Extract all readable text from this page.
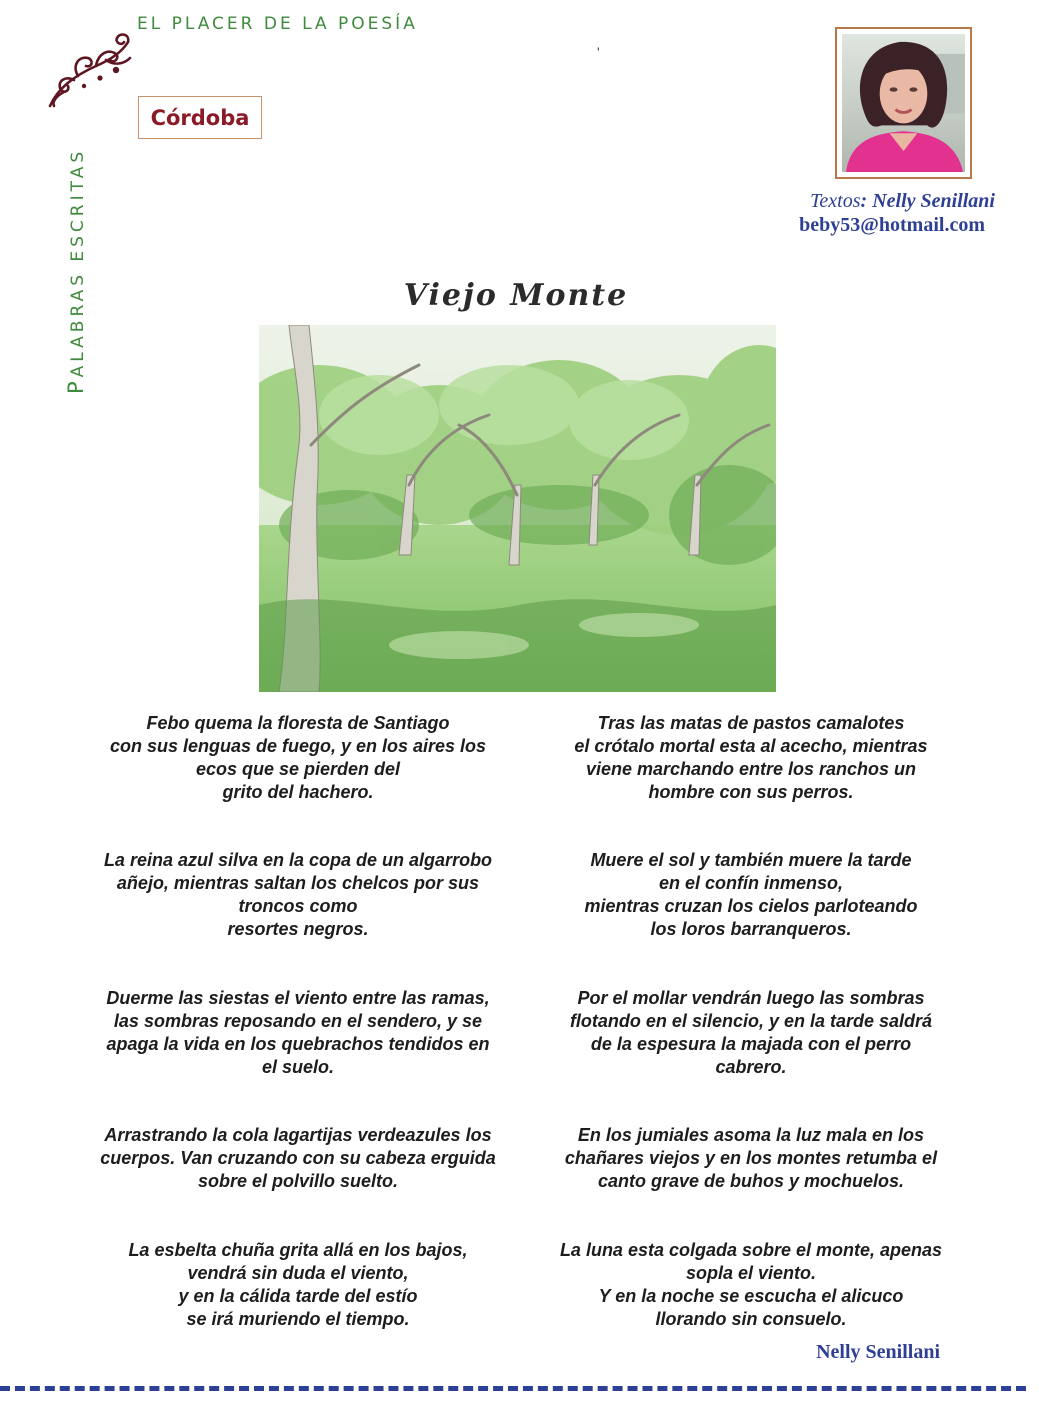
EL PLACER DE LA POESÍA
PALABRAS ESCRITAS
'
Córdoba
Textos: Nelly Senillani
beby53@hotmail.com
Viejo Monte
Febo quema la floresta de Santiago
con sus lenguas de fuego, y en los aires los
ecos que se pierden del
grito del hachero.
La reina azul silva en la copa de un algarrobo
añejo, mientras saltan los chelcos por sus
troncos como
resortes negros.
Duerme las siestas el viento entre las ramas,
las sombras reposando en el sendero, y se
apaga la vida en los quebrachos tendidos en
el suelo.
Arrastrando la cola lagartijas verdeazules los
cuerpos. Van cruzando con su cabeza erguida
sobre el polvillo suelto.
La esbelta chuña grita allá en los bajos,
vendrá sin duda el viento,
y en la cálida tarde del estío
se irá muriendo el tiempo.
Tras las matas de pastos camalotes
el crótalo mortal esta al acecho, mientras
viene marchando entre los ranchos un
hombre con sus perros.
Muere el sol y también muere la tarde
en el confín inmenso,
mientras cruzan los cielos parloteando
los loros barranqueros.
Por el mollar vendrán luego las sombras
flotando en el silencio, y en la tarde saldrá
de la espesura la majada con el perro
cabrero.
En los jumiales asoma la luz mala en los
chañares viejos y en los montes retumba el
canto grave de buhos y mochuelos.
La luna esta colgada sobre el monte, apenas
sopla el viento.
Y en la noche se escucha el alicuco
llorando sin consuelo.
Nelly Senillani
